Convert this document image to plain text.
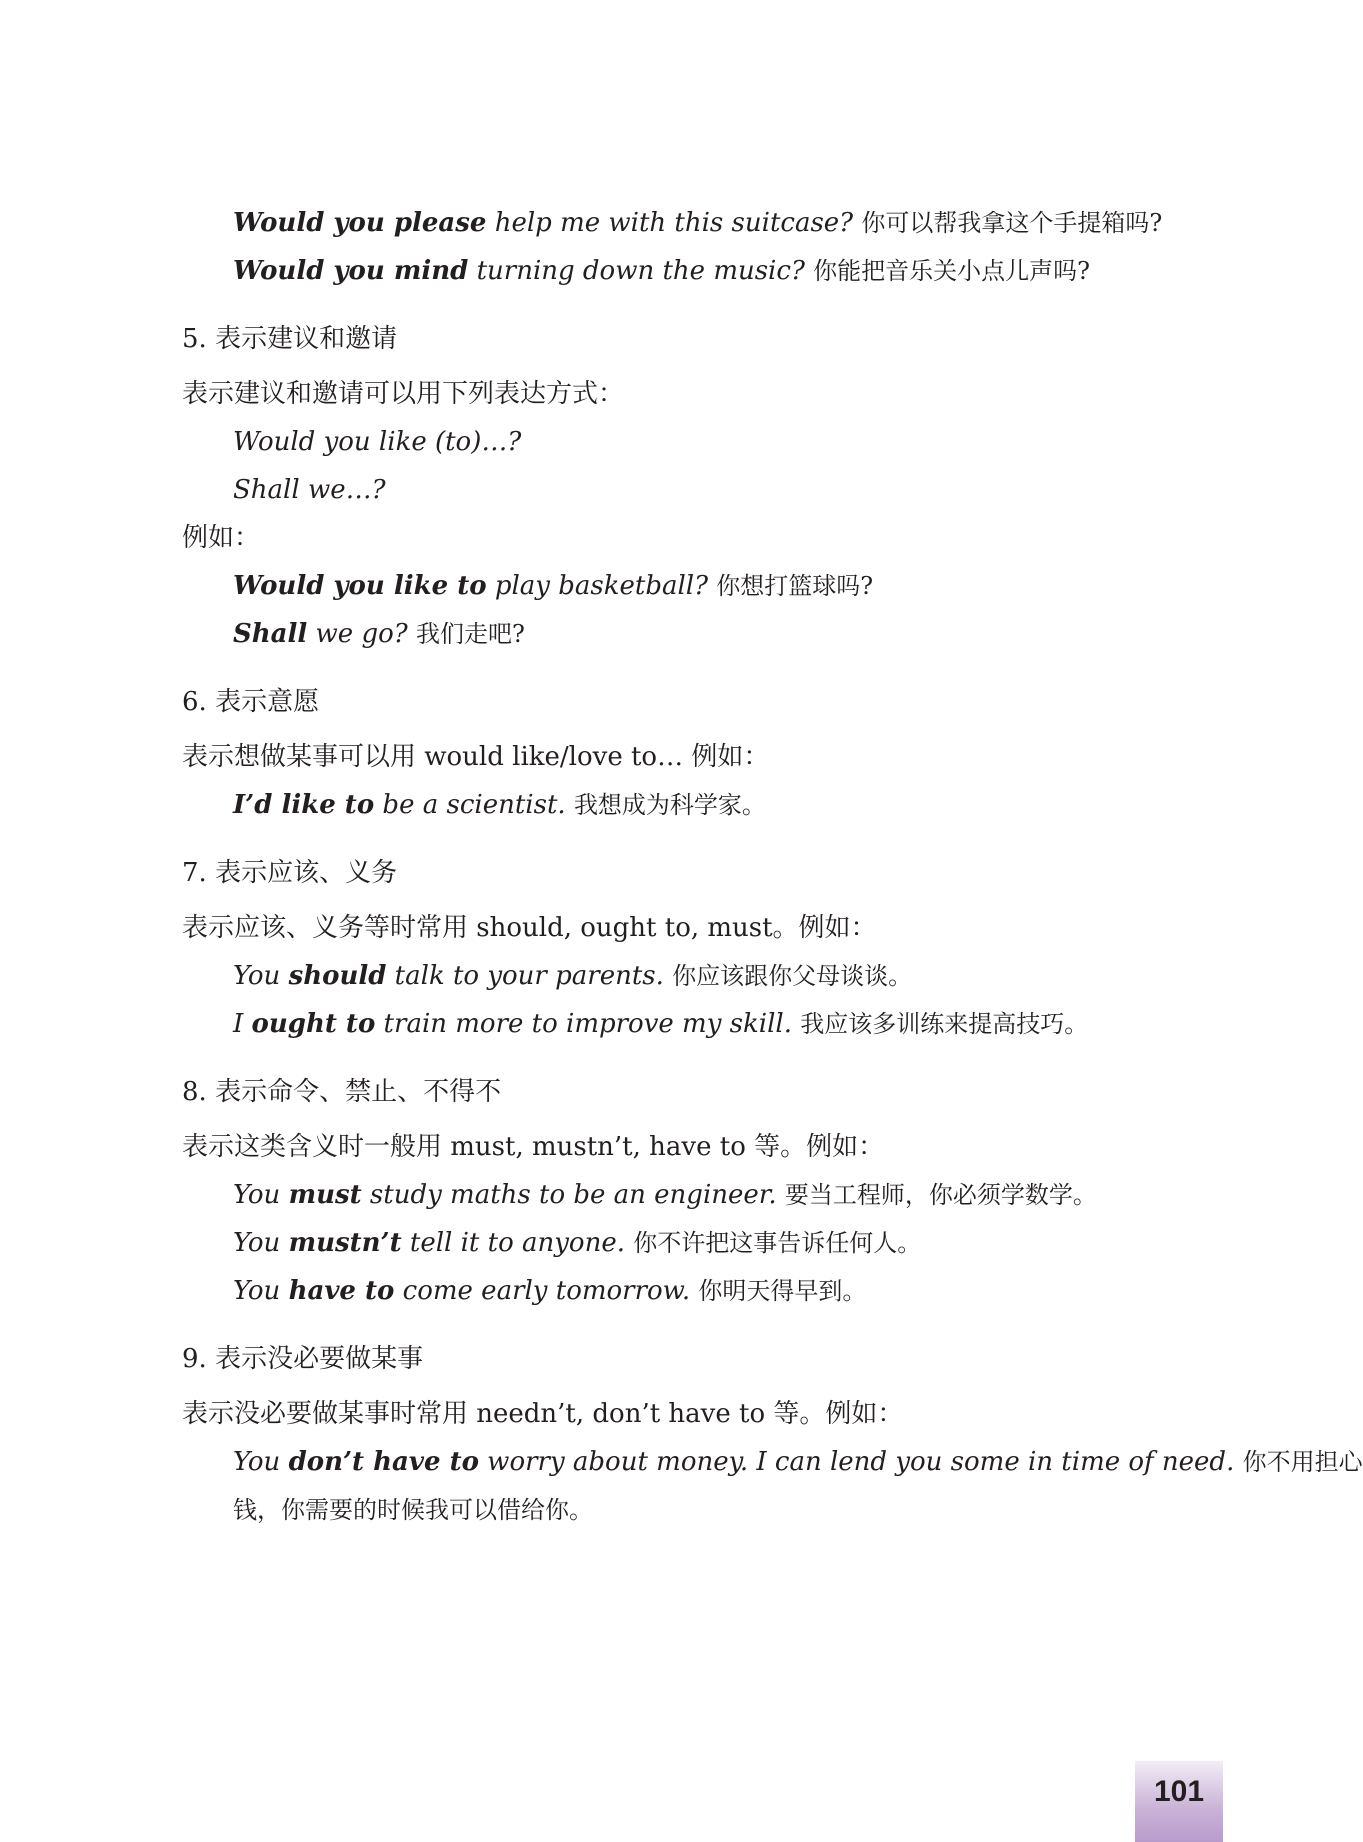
Would you please help me with this suitcase? 你可以帮我拿这个手提箱吗?
Would you mind turning down the music? 你能把音乐关小点儿声吗?
5. 表示建议和邀请
表示建议和邀请可以用下列表达方式：
Would you like (to)…?
Shall we…?
例如：
Would you like to play basketball? 你想打篮球吗?
Shall we go? 我们走吧?
6. 表示意愿
表示想做某事可以用 would like/love to… 例如：
I’d like to be a scientist. 我想成为科学家。
7. 表示应该、义务
表示应该、义务等时常用 should, ought to, must。例如：
You should talk to your parents. 你应该跟你父母谈谈。
I ought to train more to improve my skill. 我应该多训练来提高技巧。
8. 表示命令、禁止、不得不
表示这类含义时一般用 must, mustn’t, have to 等。例如：
You must study maths to be an engineer. 要当工程师，你必须学数学。
You mustn’t tell it to anyone. 你不许把这事告诉任何人。
You have to come early tomorrow. 你明天得早到。
9. 表示没必要做某事
表示没必要做某事时常用 needn’t, don’t have to 等。例如：
You don’t have to worry about money. I can lend you some in time of need. 你不用担心
钱，你需要的时候我可以借给你。
101
